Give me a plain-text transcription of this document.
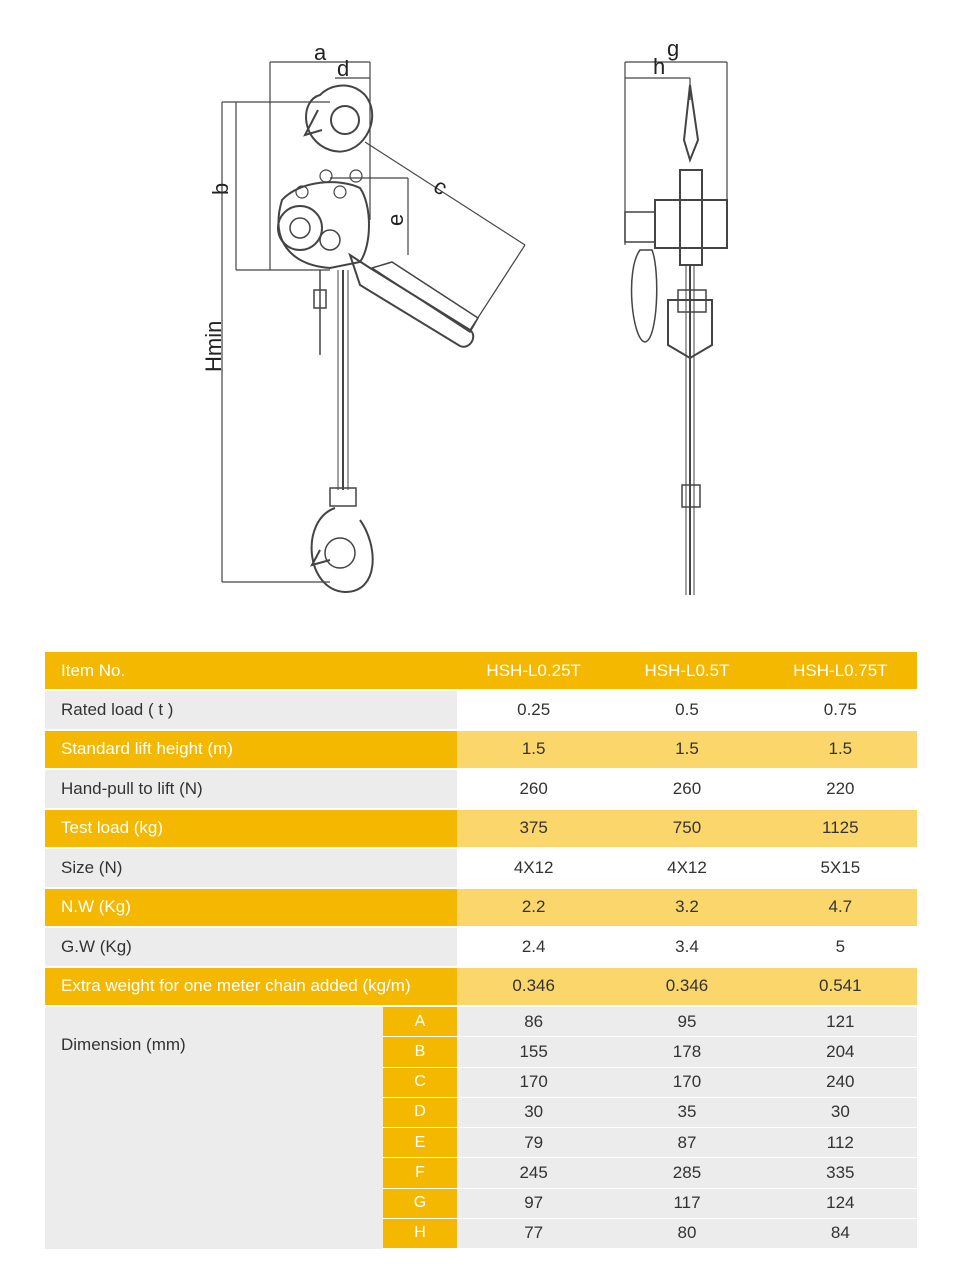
a
d
b	c
e
Hmin
g
h
Item No.	HSH-L0.25T	HSH-L0.5T	HSH-L0.75T
Rated load ( t )	0.25	0.5	0.75
Standard lift height (m)	1.5	1.5	1.5
Hand-pull to lift (N)	260	260	220
Test load (kg)	375	750	1125
Size (N)	4X12	4X12	5X15
N.W (Kg)	2.2	3.2	4.7
G.W (Kg)	2.4	3.4	5
Extra weight for one meter chain added (kg/m)	0.346	0.346	0.541
Dimension (mm)
A	86	95	121
B	155	178	204
C	170	170	240
D	30	35	30
E	79	87	112
F	245	285	335
G	97	117	124
H	77	80	84
